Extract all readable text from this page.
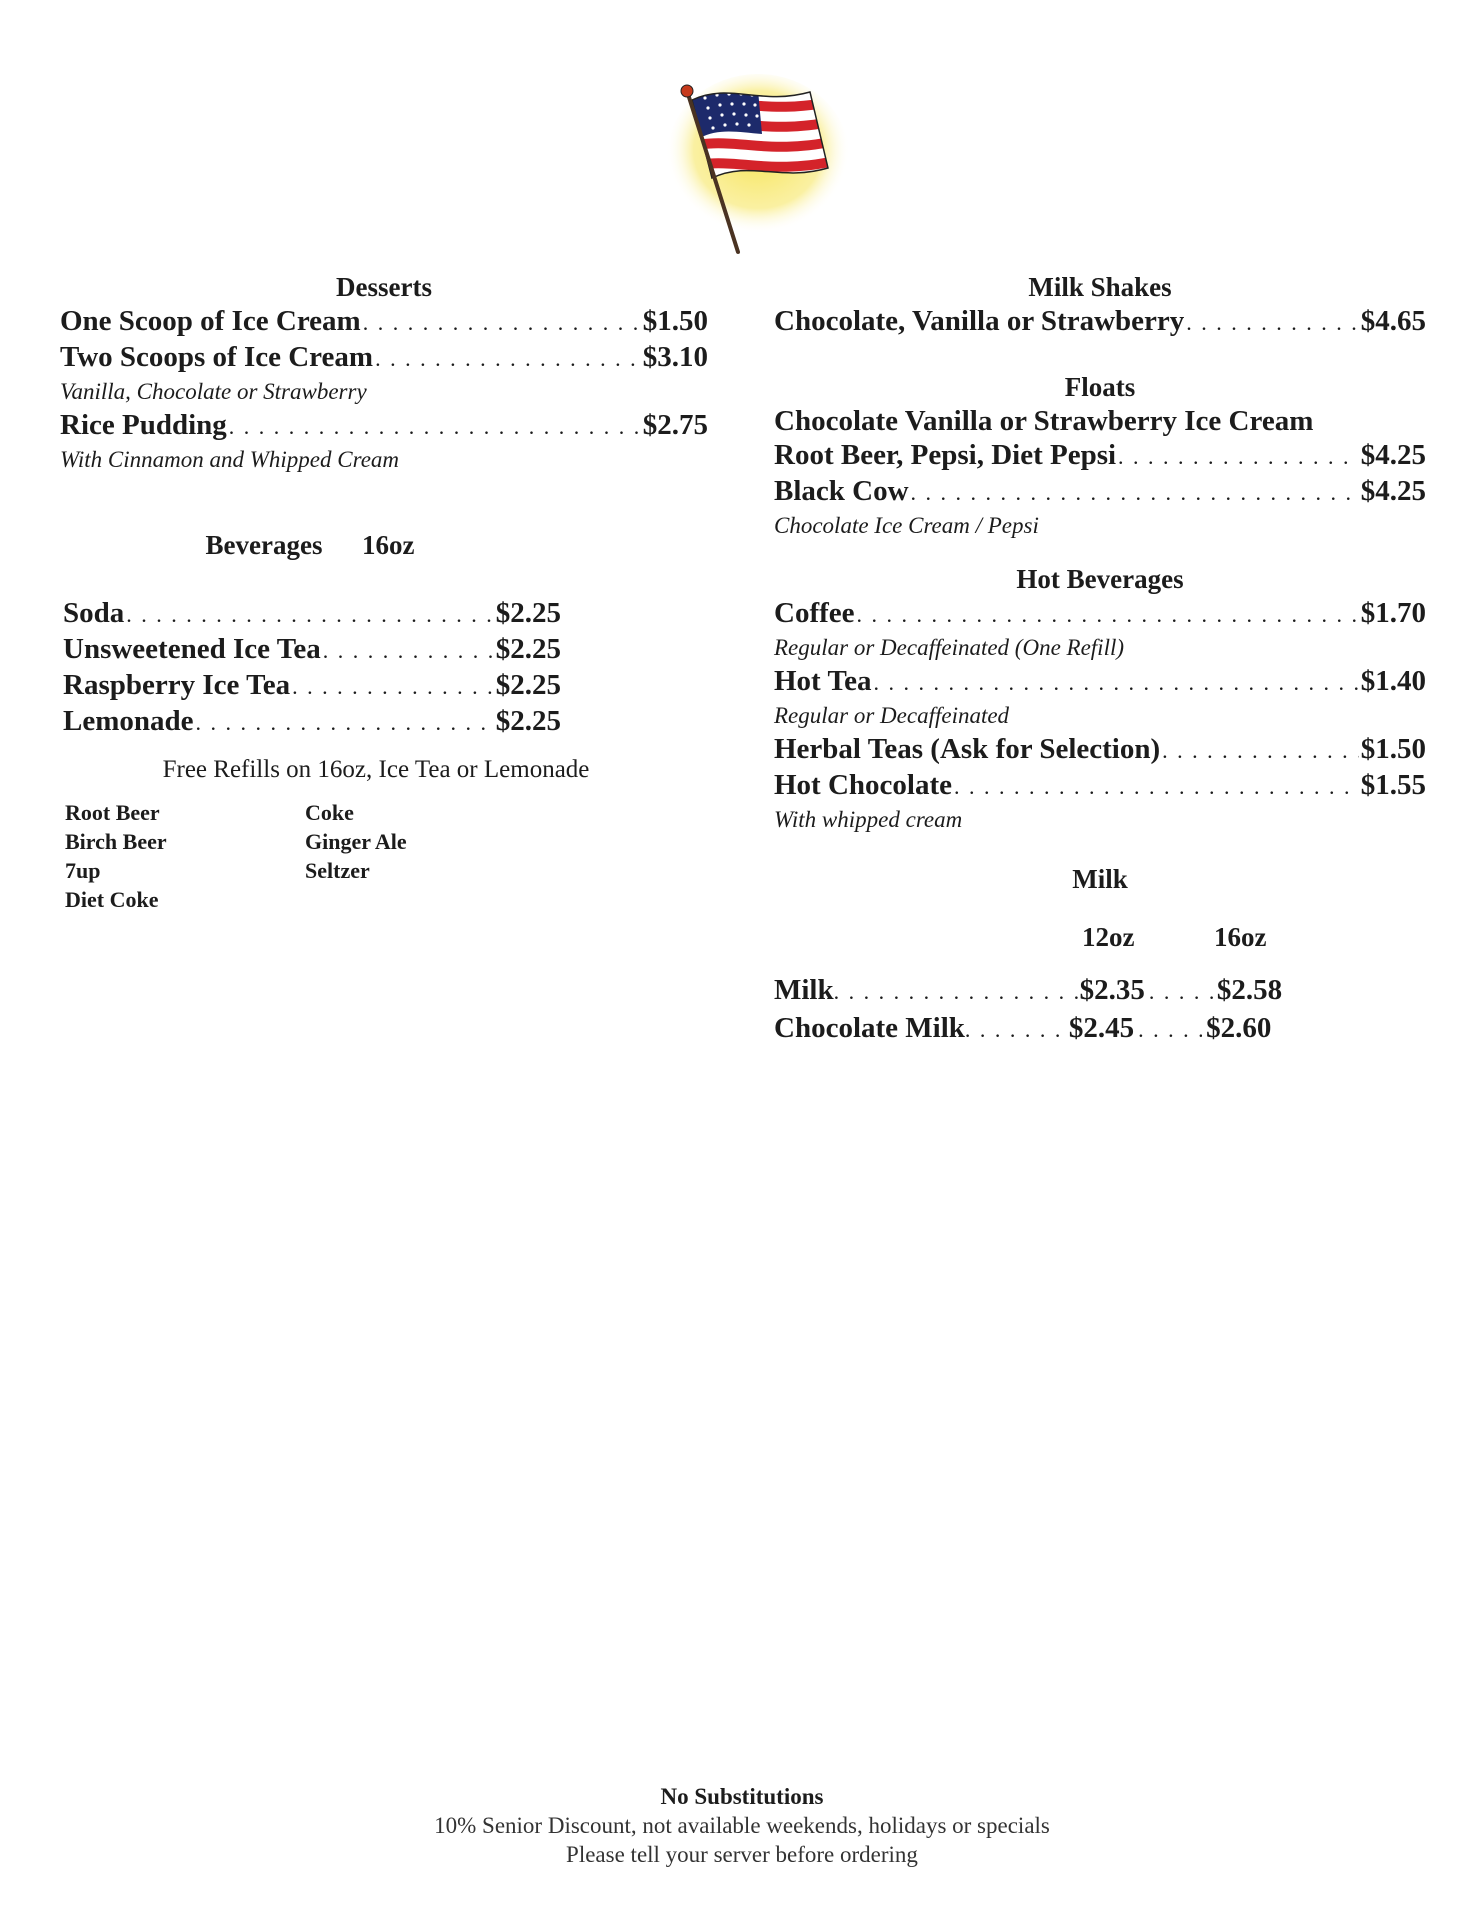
Desserts
One Scoop of Ice Cream . . .	$1.50
Two Scoops of Ice Cream . . .	$3.10
Vanilla, Chocolate or Strawberry
Rice Pudding . . .	$2.75
With Cinnamon and Whipped Cream
Beverages 16oz
Soda . . .	$2.25
Unsweetened Ice Tea . . .	$2.25
Raspberry Ice Tea . . .	$2.25
Lemonade . . .	$2.25
Free Refills on 16oz, Ice Tea or Lemonade
Root Beer
Birch Beer
7up
Diet Coke
Coke
Ginger Ale
Seltzer
Milk Shakes
Chocolate, Vanilla or Strawberry . . .	$4.65
Floats
Chocolate Vanilla or Strawberry Ice Cream
Root Beer, Pepsi, Diet Pepsi . . .	$4.25
Black Cow . . .	$4.25
Chocolate Ice Cream / Pepsi
Hot Beverages
Coffee . . .	$1.70
Regular or Decaffeinated (One Refill)
Hot Tea . . .	$1.40
Regular or Decaffeinated
Herbal Teas (Ask for Selection) . . .	$1.50
Hot Chocolate . . .	$1.55
With whipped cream
Milk
12oz	16oz
Milk . . .	$2.35 . . . $2.58
Chocolate Milk . . .	$2.45 . . . $2.60
No Substitutions
10% Senior Discount, not available weekends, holidays or specials
Please tell your server before ordering
